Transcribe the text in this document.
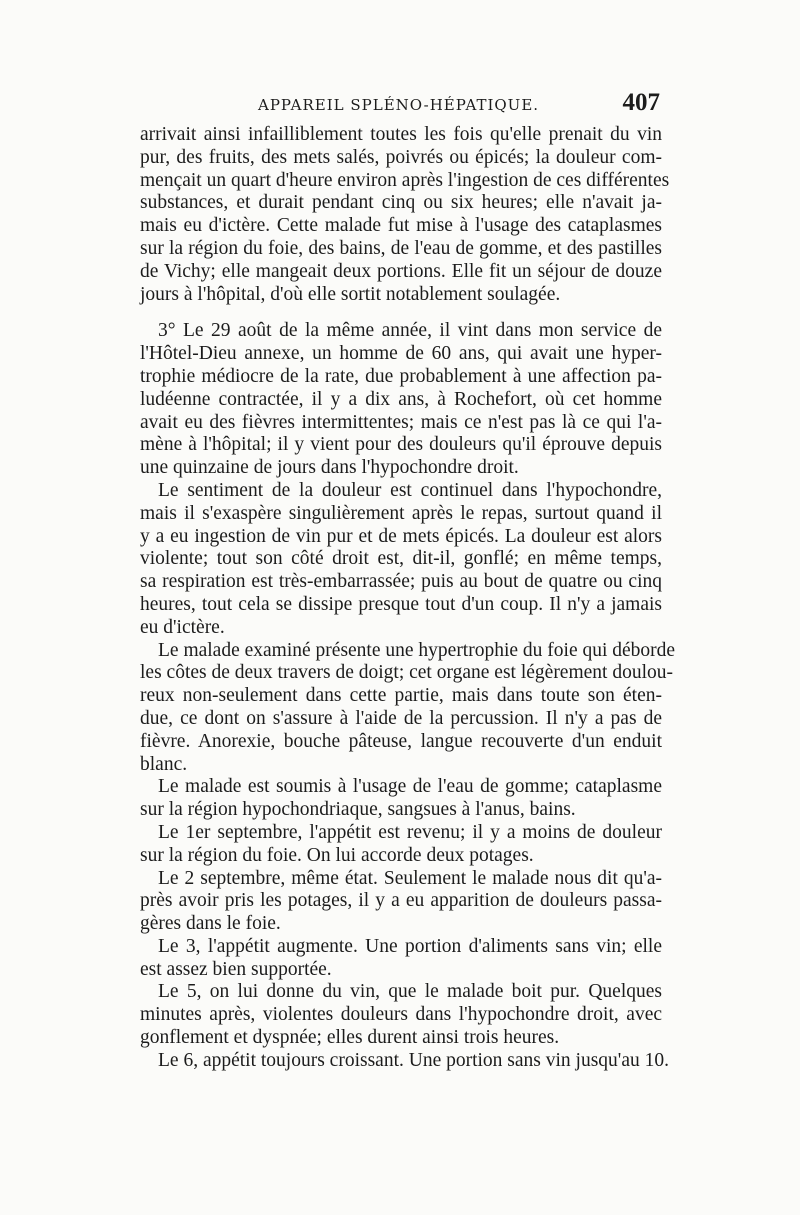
APPAREIL SPLÉNO-HÉPATIQUE.	407
arrivait ainsi infailliblement toutes les fois qu'elle prenait du vin
pur, des fruits, des mets salés, poivrés ou épicés; la douleur com-
mençait un quart d'heure environ après l'ingestion de ces différentes
substances, et durait pendant cinq ou six heures; elle n'avait ja-
mais eu d'ictère. Cette malade fut mise à l'usage des cataplasmes
sur la région du foie, des bains, de l'eau de gomme, et des pastilles
de Vichy; elle mangeait deux portions. Elle fit un séjour de douze
jours à l'hôpital, d'où elle sortit notablement soulagée.
3° Le 29 août de la même année, il vint dans mon service de
l'Hôtel-Dieu annexe, un homme de 60 ans, qui avait une hyper-
trophie médiocre de la rate, due probablement à une affection pa-
ludéenne contractée, il y a dix ans, à Rochefort, où cet homme
avait eu des fièvres intermittentes; mais ce n'est pas là ce qui l'a-
mène à l'hôpital; il y vient pour des douleurs qu'il éprouve depuis
une quinzaine de jours dans l'hypochondre droit.
Le sentiment de la douleur est continuel dans l'hypochondre,
mais il s'exaspère singulièrement après le repas, surtout quand il
y a eu ingestion de vin pur et de mets épicés. La douleur est alors
violente; tout son côté droit est, dit-il, gonflé; en même temps,
sa respiration est très-embarrassée; puis au bout de quatre ou cinq
heures, tout cela se dissipe presque tout d'un coup. Il n'y a jamais
eu d'ictère.
Le malade examiné présente une hypertrophie du foie qui déborde
les côtes de deux travers de doigt; cet organe est légèrement doulou-
reux non-seulement dans cette partie, mais dans toute son éten-
due, ce dont on s'assure à l'aide de la percussion. Il n'y a pas de
fièvre. Anorexie, bouche pâteuse, langue recouverte d'un enduit
blanc.
Le malade est soumis à l'usage de l'eau de gomme; cataplasme
sur la région hypochondriaque, sangsues à l'anus, bains.
Le 1er septembre, l'appétit est revenu; il y a moins de douleur
sur la région du foie. On lui accorde deux potages.
Le 2 septembre, même état. Seulement le malade nous dit qu'a-
près avoir pris les potages, il y a eu apparition de douleurs passa-
gères dans le foie.
Le 3, l'appétit augmente. Une portion d'aliments sans vin; elle
est assez bien supportée.
Le 5, on lui donne du vin, que le malade boit pur. Quelques
minutes après, violentes douleurs dans l'hypochondre droit, avec
gonflement et dyspnée; elles durent ainsi trois heures.
Le 6, appétit toujours croissant. Une portion sans vin jusqu'au 10.
